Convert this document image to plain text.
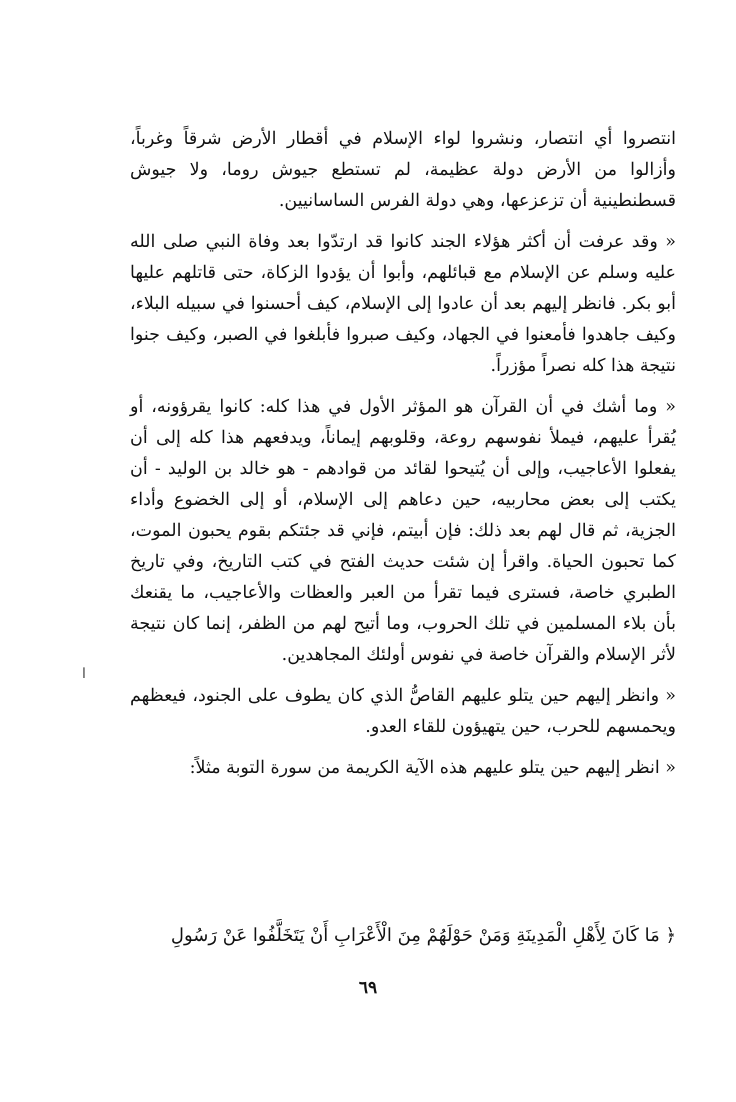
انتصروا أي انتصار، ونشروا لواء الإسلام في أقطار الأرض شرقاً وغرباً، وأزالوا من الأرض دولة عظيمة، لم تستطع جيوش روما، ولا جيوش قسطنطينية أن تزعزعها، وهي دولة الفرس الساسانيين.

« وقد عرفت أن أكثر هؤلاء الجند كانوا قد ارتدّوا بعد وفاة النبي صلى الله عليه وسلم عن الإسلام مع قبائلهم، وأبوا أن يؤدوا الزكاة، حتى قاتلهم عليها أبو بكر. فانظر إليهم بعد أن عادوا إلى الإسلام، كيف أحسنوا في سبيله البلاء، وكيف جاهدوا فأمعنوا في الجهاد، وكيف صبروا فأبلغوا في الصبر، وكيف جنوا نتيجة هذا كله نصراً مؤزراً.

« وما أشك في أن القرآن هو المؤثر الأول في هذا كله: كانوا يقرؤونه، أو يُقرأ عليهم، فيملأ نفوسهم روعة، وقلوبهم إيماناً، ويدفعهم هذا كله إلى أن يفعلوا الأعاجيب، وإلى أن يُتيحوا لقائد من قوادهم - هو خالد بن الوليد - أن يكتب إلى بعض محاربيه، حين دعاهم إلى الإسلام، أو إلى الخضوع وأداء الجزية، ثم قال لهم بعد ذلك: فإن أبيتم، فإني قد جئتكم بقوم يحبون الموت، كما تحبون الحياة. واقرأ إن شئت حديث الفتح في كتب التاريخ، وفي تاريخ الطبري خاصة، فسترى فيما تقرأ من العبر والعظات والأعاجيب، ما يقنعك بأن بلاء المسلمين في تلك الحروب، وما أتيح لهم من الظفر، إنما كان نتيجة لأثر الإسلام والقرآن خاصة في نفوس أولئك المجاهدين.

« وانظر إليهم حين يتلو عليهم القاصُّ الذي كان يطوف على الجنود، فيعظهم ويحمسهم للحرب، حين يتهيؤون للقاء العدو.

« انظر إليهم حين يتلو عليهم هذه الآية الكريمة من سورة التوبة مثلاً:

﴿ مَا كَانَ لِأَهْلِ الْمَدِينَةِ وَمَنْ حَوْلَهُمْ مِنَ الْأَعْرَابِ أَنْ يَتَخَلَّفُوا عَنْ رَسُولِ
ا
٦٩
